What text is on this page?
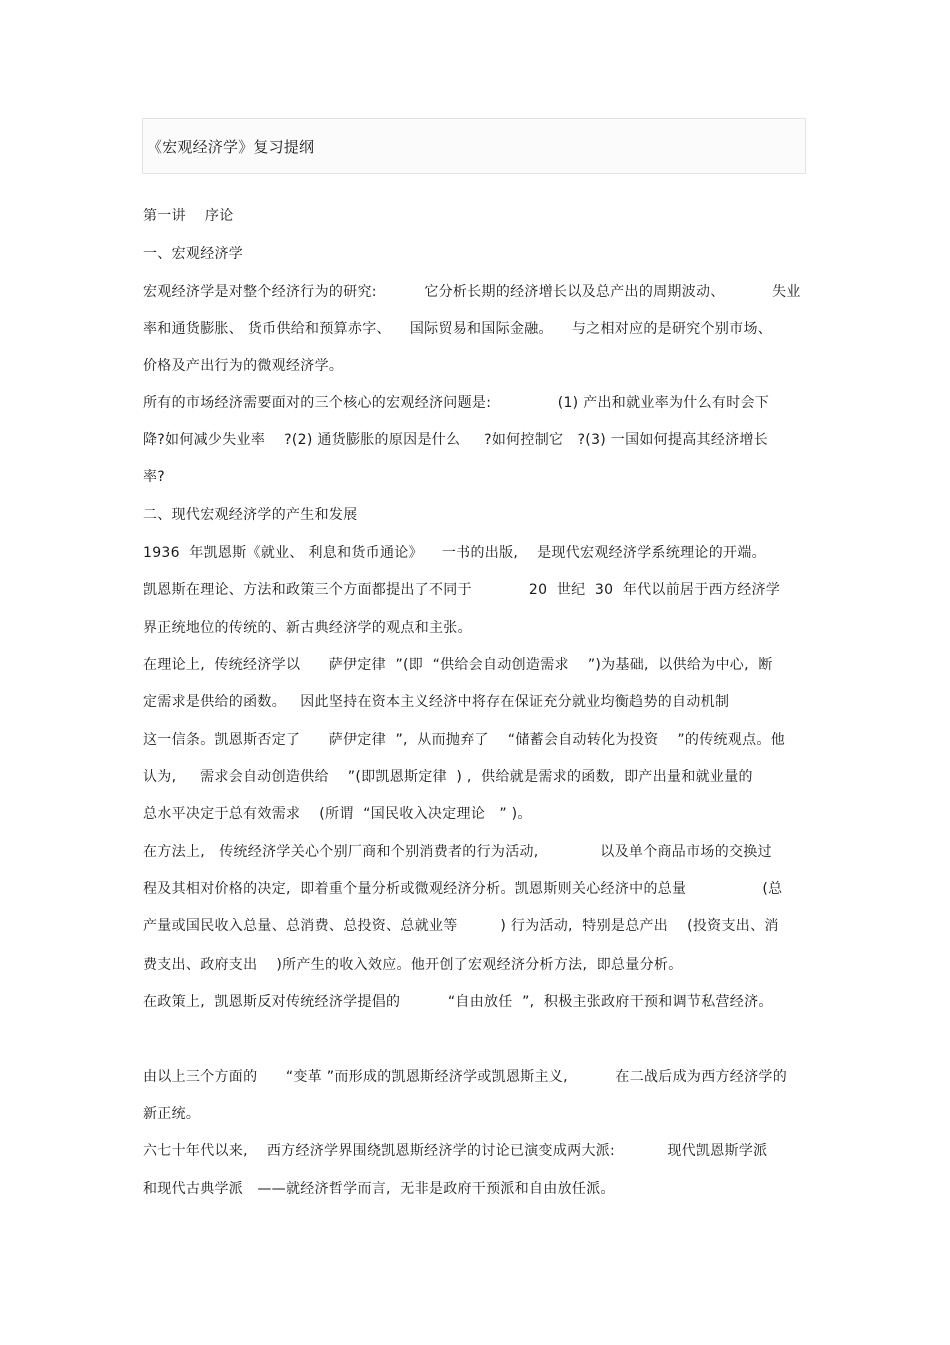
《宏观经济学》复习提纲
第一讲    序论
一、宏观经济学
宏观经济学是对整个经济行为的研究:          它分析长期的经济增长以及总产出的周期波动、          失业
率和通货膨胀、 货币供给和预算赤字、    国际贸易和国际金融。    与之相对应的是研究个别市场、
价格及产出行为的微观经济学。
所有的市场经济需要面对的三个核心的宏观经济问题是:              (1) 产出和就业率为什么有时会下
降?如何减少失业率    ?(2) 通货膨胀的原因是什么     ?如何控制它   ?(3) 一国如何提高其经济增长
率?
二、现代宏观经济学的产生和发展
1936  年凯恩斯《就业、 利息和货币通论》    一书的出版,    是现代宏观经济学系统理论的开端。
凯恩斯在理论、方法和政策三个方面都提出了不同于            20  世纪  30  年代以前居于西方经济学
界正统地位的传统的、新古典经济学的观点和主张。
在理论上,  传统经济学以      萨伊定律  ”(即  “供给会自动创造需求    ”)为基础,  以供给为中心,  断
定需求是供给的函数。   因此坚持在资本主义经济中将存在保证充分就业均衡趋势的自动机制
这一信条。凯恩斯否定了      萨伊定律  ”,  从而抛弃了    “储蓄会自动转化为投资    ”的传统观点。他
认为,     需求会自动创造供给    ”(即凯恩斯定律  ) ,  供给就是需求的函数,  即产出量和就业量的
总水平决定于总有效需求    (所谓  “国民收入决定理论   ” )。
在方法上,   传统经济学关心个别厂商和个别消费者的行为活动,             以及单个商品市场的交换过
程及其相对价格的决定,  即着重个量分析或微观经济分析。凯恩斯则关心经济中的总量                (总
产量或国民收入总量、总消费、总投资、总就业等         ) 行为活动,  特别是总产出    (投资支出、消
费支出、政府支出    )所产生的收入效应。他开创了宏观经济分析方法,  即总量分析。
在政策上,  凯恩斯反对传统经济学提倡的          “自由放任  ”,  积极主张政府干预和调节私营经济。
由以上三个方面的      “变革 ”而形成的凯恩斯经济学或凯恩斯主义,          在二战后成为西方经济学的
新正统。
六七十年代以来,    西方经济学界围绕凯恩斯经济学的讨论已演变成两大派:           现代凯恩斯学派
和现代古典学派   ——就经济哲学而言,  无非是政府干预派和自由放任派。
